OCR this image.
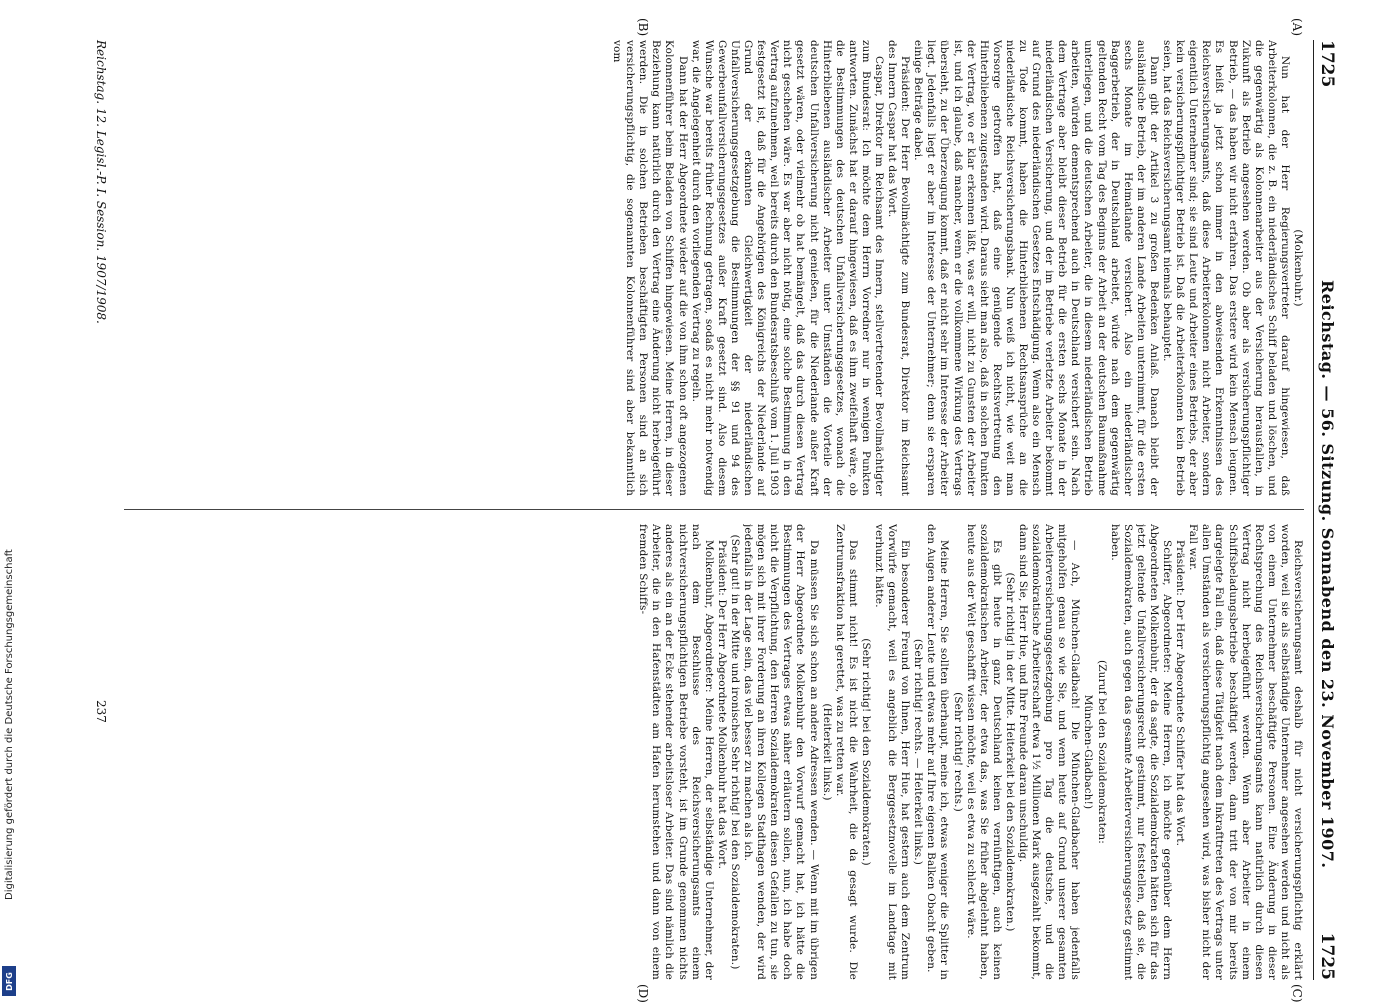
1725
Reichstag. — 56. Sitzung. Sonnabend den 23. November 1907.
1725
(A)
(B)
(C)
(D)

(Molkenbuhr.)

Nun hat der Herr Regierungsvertreter darauf hingewiesen, daß Arbeiterkolonnen, die z. B. ein niederländisches Schiff beladen und löschen, und die gegenwärtig als Kolonnenarbeiter aus der Versicherung herausfallen, in Zukunft als Betrieb angesehen werden. Ob aber als versicherungspflichtiger Betrieb, — das haben wir nicht erfahren. Das erstere wird kein Mensch leugnen. Es heißt ja jetzt schon immer in den abweisenden Erkenntnissen des Reichsversicherungsamts, daß diese Arbeiterkolonnen nicht Arbeiter, sondern eigentlich Unternehmer sind; sie sind Leute und Arbeiter eines Betriebs, der aber kein versicherungspflichtiger Betrieb ist. Daß die Arbeiterkolonnen kein Betrieb seien, hat das Reichsversicherungsamt niemals behauptet.

Dann gibt der Artikel 3 zu großen Bedenken Anlaß. Danach bleibt der ausländische Betrieb, der im anderen Lande Arbeiten unternimmt, für die ersten sechs Monate im Heimatlande versichert. Also ein niederländischer Baggerbetrieb, der in Deutschland arbeitet, würde nach dem gegenwärtig geltenden Recht vom Tag des Beginns der Arbeit an der deutschen Baumaßnahme unterliegen, und die deutschen Arbeiter, die in diesem niederländischen Betrieb arbeiten, würden dementsprechend auch in Deutschland versichert sein. Nach dem Vertrage aber bleibt dieser Betrieb für die ersten sechs Monate in der niederländischen Versicherung, und der im Betriebe verletzte Arbeiter bekommt auf Grund des niederländischen Gesetzes Entschädigung. Wenn also ein Mensch zu Tode kommt, haben die Hinterbliebenen Rechtsansprüche an die niederländische Reichsversicherungsbank. Nun weiß ich nicht, wie weit man Vorsorge getroffen hat, daß eine genügende Rechtsvertretung den Hinterbliebenen zugestanden wird. Daraus sieht man also, daß in solchen Punkten der Vertrag, wo er klar erkennen läßt, was er will, nicht zu Gunsten der Arbeiter ist, und ich glaube, daß mancher, wenn er die vollkommene Wirkung des Vertrags übersieht, zu der Überzeugung kommt, daß er nicht sehr im Interesse der Arbeiter liegt. Jedenfalls liegt er aber im Interesse der Unternehmer; denn sie ersparen einige Beiträge dabei.

Präsident: Der Herr Bevollmächtigte zum Bundesrat, Direktor im Reichsamt des Innern Caspar hat das Wort.

Caspar, Direktor im Reichsamt des Innern, stellvertretender Bevollmächtigter zum Bundesrat: Ich möchte dem Herrn Vorredner nur in wenigen Punkten antworten. Zunächst hat er darauf hingewiesen, daß es ihm zweifelhaft wäre, ob die Bestimmungen des deutschen Unfallversicherungsgesetzes, wonach die Hinterbliebenen ausländischer Arbeiter unter Umständen die Vorteile der deutschen Unfallversicherung nicht genießen, für die Niederlande außer Kraft gesetzt wären, oder vielmehr ob hat bemängelt, daß das durch diesen Vertrag nicht geschehen wäre. Es war aber nicht nötig, eine solche Bestimmung in den Vertrag aufzunehmen, weil bereits durch den Bundesratsbeschluß vom 1. Juli 1903 festgesetzt ist, daß für die Angehörigen des Königreichs der Niederlande auf Grund der erkannten Gleichwertigkeit der niederländischen Unfallversicherungsgesetzgebung die Bestimmungen der §§ 91 und 94 des Gewerbeunfallversicherungsgesetzes außer Kraft gesetzt sind. Also diesem Wunsche war bereits früher Rechnung getragen, sodaß es nicht mehr notwendig war, die Angelegenheit durch den vorliegenden Vertrag zu regeln.

Dann hat der Herr Abgeordnete wieder auf die von ihm schon oft angezogenen Kolonnenführer beim Beladen von Schiffen hingewiesen. Meine Herren, in dieser Beziehung kann natürlich durch den Vertrag eine Änderung nicht herbeigeführt werden. Die in solchen Betrieben beschäftigten Personen sind an sich versicherungspflichtig, die sogenannten Kolonnenführer sind aber bekanntlich vom

Reichsversicherungsamt deshalb für nicht versicherungspflichtig erklärt worden, weil sie als selbständige Unternehmer angesehen werden und nicht als von einem Unternehmer beschäftigte Personen. Eine Änderung in dieser Rechtsprechung des Reichsversicherungsamts kann natürlich durch diesen Vertrag nicht herbeigeführt werden. Wenn aber Arbeiter in einem Schiffsbeladungsbetriebe beschäftigt werden, dann tritt der von mir bereits dargelegte Fall ein, daß diese Tätigkeit nach dem Inkrafttreten des Vertrags unter allen Umständen als versicherungspflichtig angesehen wird, was bisher nicht der Fall war.

Präsident: Der Herr Abgeordnete Schiffer hat das Wort.

Schiffer, Abgeordneter: Meine Herren, ich möchte gegenüber dem Herrn Abgeordneten Molkenbuhr, der da sagte, die Sozialdemokraten hätten sich für das jetzt geltende Unfallversicherungsrecht gestimmt, nur feststellen, daß sie, die Sozialdemokraten, auch gegen das gesamte Arbeiterversicherungsgesetz gestimmt haben.

(Zuruf bei den Sozialdemokraten:

München-Gladbach!)

— Ach, München-Gladbach! Die München-Gladbacher haben jedenfalls mitgeholfen genau so wie Sie, und wenn heute auf Grund unserer gesamten Arbeiterversicherungsgesetzgebung pro Tag die deutsche, und die sozialdemokratische Arbeiterschaft etwa 1½ Millionen Mark ausgezahlt bekommt, dann sind Sie, Herr Hue, und Ihre Freunde daran unschuldig.

(Sehr richtig! in der Mitte. Heiterkeit bei den Sozialdemokraten.)

Es gibt heute in ganz Deutschland keinen vernünftigen, auch keinen sozialdemokratischen Arbeiter, der etwa das, was Sie früher abgelehnt haben, heute aus der Welt geschafft wissen möchte, weil es etwa zu schlecht wäre.

(Sehr richtig! rechts.)

Meine Herren, Sie sollten überhaupt, meine ich, etwas weniger die Splitter in den Augen anderer Leute und etwas mehr auf Ihre eigenen Balken Obacht geben.

(Sehr richtig! rechts. — Heiterkeit links.)

Ein besonderer Freund von Ihnen, Herr Hue, hat gestern auch dem Zentrum Vorwürfe gemacht, weil es angeblich die Berggesetznovelle im Landtage mit verhunzt hätte.

(Sehr richtig! bei den Sozialdemokraten.)

Das stimmt nicht! Es ist nicht die Wahrheit, die da gesagt wurde. Die Zentrumsfraktion hat gerettet, was zu retten war.

(Heiterkeit links.)

Da müssen Sie sich schon an andere Adressen wenden. — Wenn mit im übrigen der Herr Abgeordnete Molkenbuhr den Vorwurf gemacht hat, ich hätte die Bestimmungen des Vertrages etwas näher erläutern sollen, nun, ich habe doch nicht die Verpflichtung, den Herren Sozialdemokraten diesen Gefallen zu tun, sie mögen sich mit ihrer Forderung an ihren Kollegen Stadthagen wenden, der wird jedenfalls in der Lage sein, das viel besser zu machen als ich.

(Sehr gut! in der Mitte und ironisches Sehr richtig! bei den Sozialdemokraten.)

Präsident: Der Herr Abgeordnete Molkenbuhr hat das Wort.

Molkenbuhr, Abgeordneter: Meine Herren, der selbständige Unternehmer, der nach dem Beschlusse des Reichsversicherungsamts einem nichtversicherungspflichtigen Betriebe vorsteht, ist im Grunde genommen nichts anderes als ein an der Ecke stehender arbeitsloser Arbeiter. Das sind nämlich die Arbeiter, die in den Hafenstädten am Hafen herumstehen und dann von einem fremden Schiffs-

Reichstag. 12. Legisl.-P. I. Session. 1907/1908.
237
Digitalisierung gefördert durch die Deutsche Forschungsgemeinschaft
DFG
